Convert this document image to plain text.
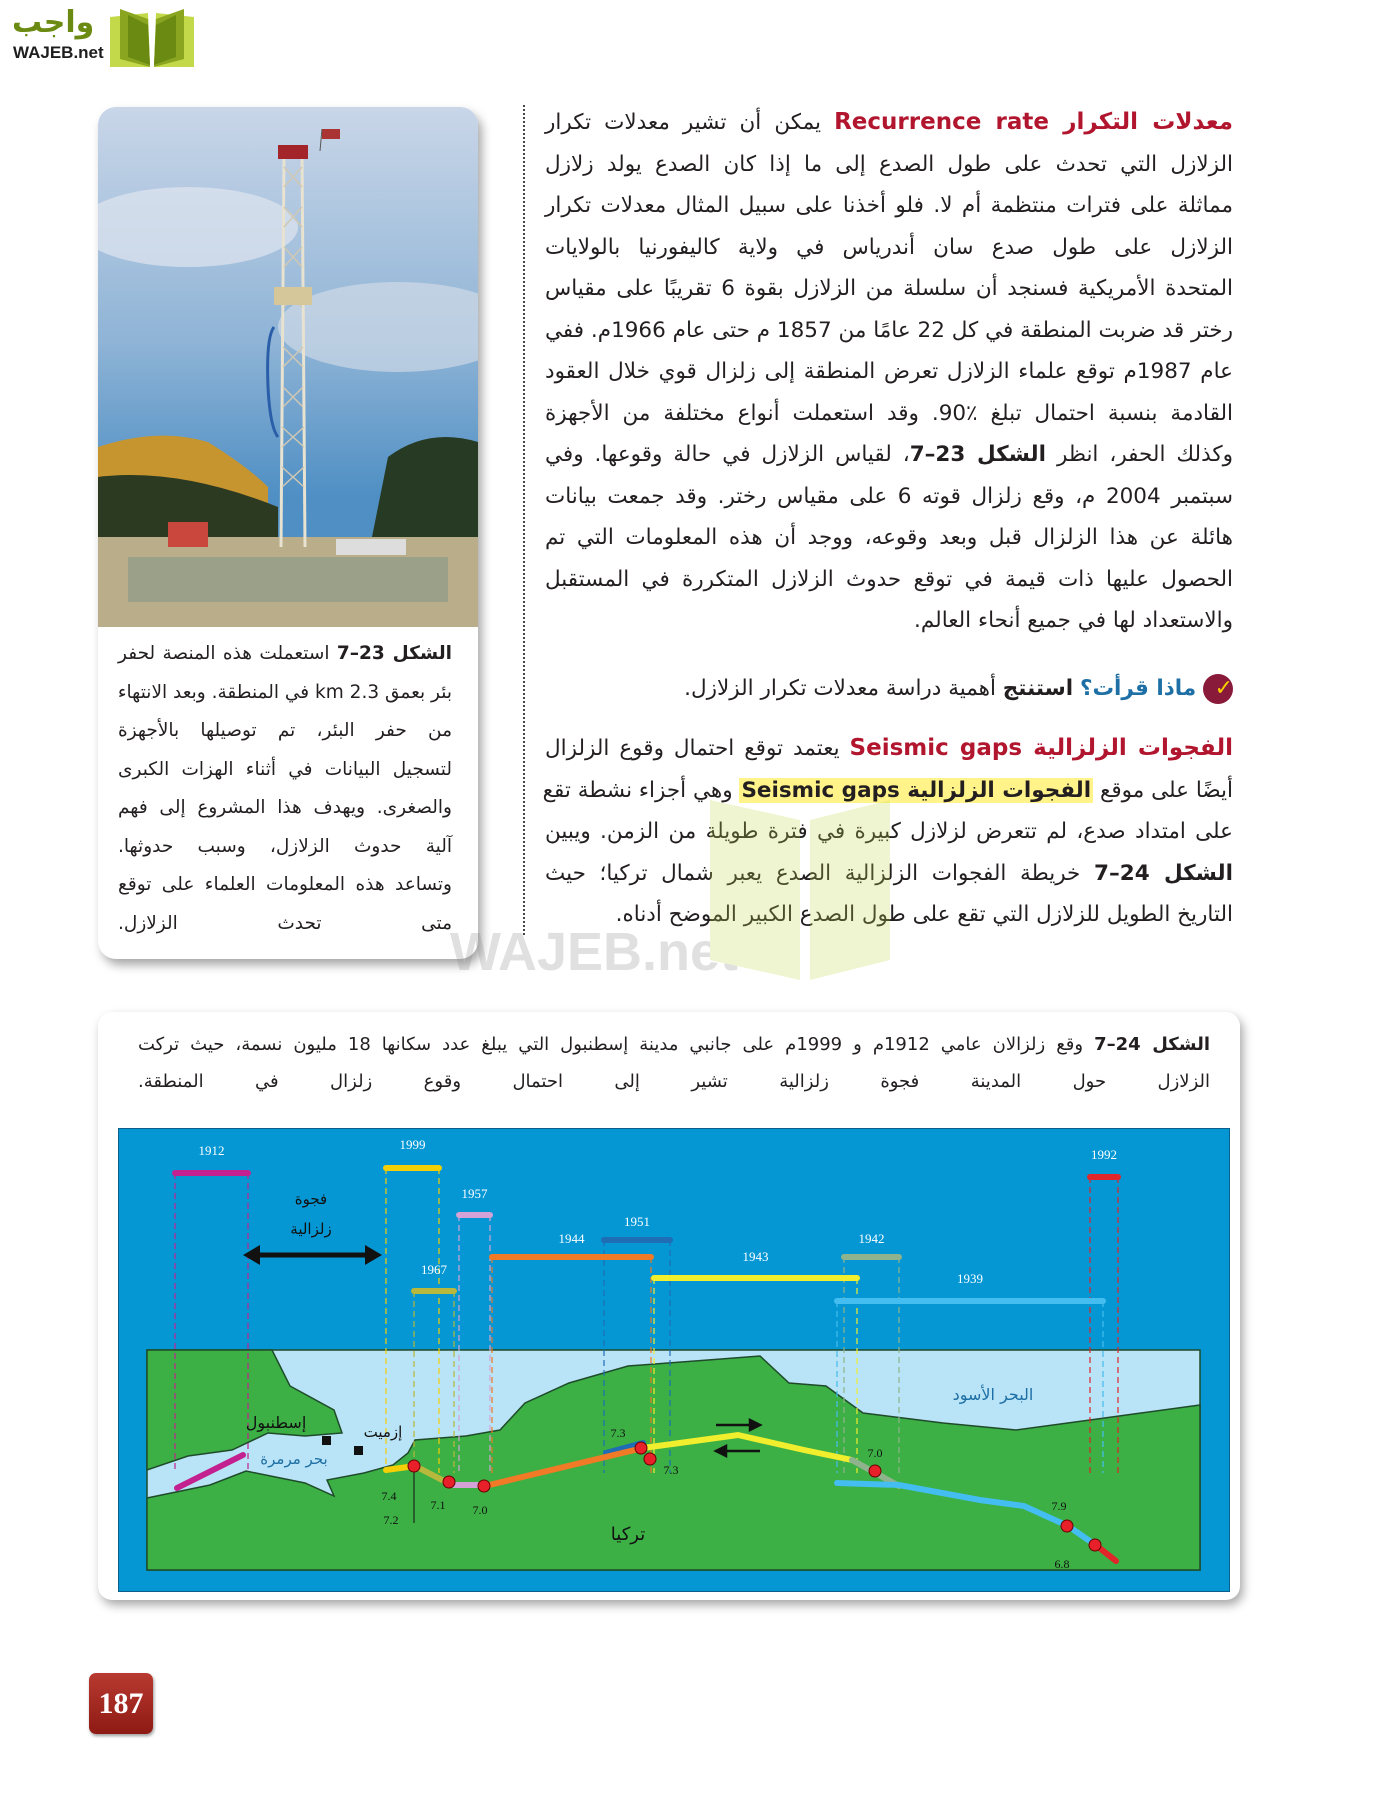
واجب
WAJEB.net
الشكل 23–7 استعملت هذه المنصة لحفر
بئر بعمق 2.3 km في المنطقة. وبعد الانتهاء
من حفر البئر، تم توصيلها بالأجهزة
لتسجيل البيانات في أثناء الهزات الكبرى
والصغرى. ويهدف هذا المشروع إلى فهم
آلية حدوث الزلازل، وسبب حدوثها.
وتساعد هذه المعلومات العلماء على توقع
متى تحدث الزلازل.
معدلات التكرار Recurrence rate يمكن أن تشير معدلات تكرار
الزلازل التي تحدث على طول الصدع إلى ما إذا كان الصدع يولد زلازل
مماثلة على فترات منتظمة أم لا. فلو أخذنا على سبيل المثال معدلات تكرار
الزلازل على طول صدع سان أندرياس في ولاية كاليفورنيا بالولايات
المتحدة الأمريكية فسنجد أن سلسلة من الزلازل بقوة 6 تقريبًا على مقياس
رختر قد ضربت المنطقة في كل 22 عامًا من 1857 م حتى عام 1966م. ففي
عام 1987م توقع علماء الزلازل تعرض المنطقة إلى زلزال قوي خلال العقود
القادمة بنسبة احتمال تبلغ ٪90. وقد استعملت أنواع مختلفة من الأجهزة
وكذلك الحفر، انظر الشكل 23–7، لقياس الزلازل في حالة وقوعها. وفي
سبتمبر 2004 م، وقع زلزال قوته 6 على مقياس رختر. وقد جمعت بيانات
هائلة عن هذا الزلزال قبل وبعد وقوعه، ووجد أن هذه المعلومات التي تم
الحصول عليها ذات قيمة في توقع حدوث الزلازل المتكررة في المستقبل
والاستعداد لها في جميع أنحاء العالم.
✓ ماذا قرأت؟ استنتج أهمية دراسة معدلات تكرار الزلازل.
الفجوات الزلزالية Seismic gaps يعتمد توقع احتمال وقوع الزلزال
أيضًا على موقع الفجوات الزلزالية Seismic gaps وهي أجزاء نشطة تقع
على امتداد صدع، لم تتعرض لزلازل كبيرة في فترة طويلة من الزمن. ويبين
الشكل 24–7 خريطة الفجوات الزلزالية الصدع يعبر شمال تركيا؛ حيث
التاريخ الطويل للزلازل التي تقع على طول الصدع الكبير الموضح أدناه.
WAJEB.net
الشكل 24–7 وقع زلزالان عامي 1912م و 1999م على جانبي مدينة إسطنبول التي يبلغ عدد سكانها 18 مليون نسمة، حيث تركت
الزلازل حول المدينة فجوة زلزالية تشير إلى احتمال وقوع زلزال في المنطقة.
1912	1999
1957
1951
1944
1967
1943
1942
1939
1992
فجوة
زلزالية
إسطنبول
بحر مرمرة
إزميت
البحر الأسود
تركيا
7.4
7.2
7.1 7.0
7.3
7.3
7.0
7.9
6.8
187
